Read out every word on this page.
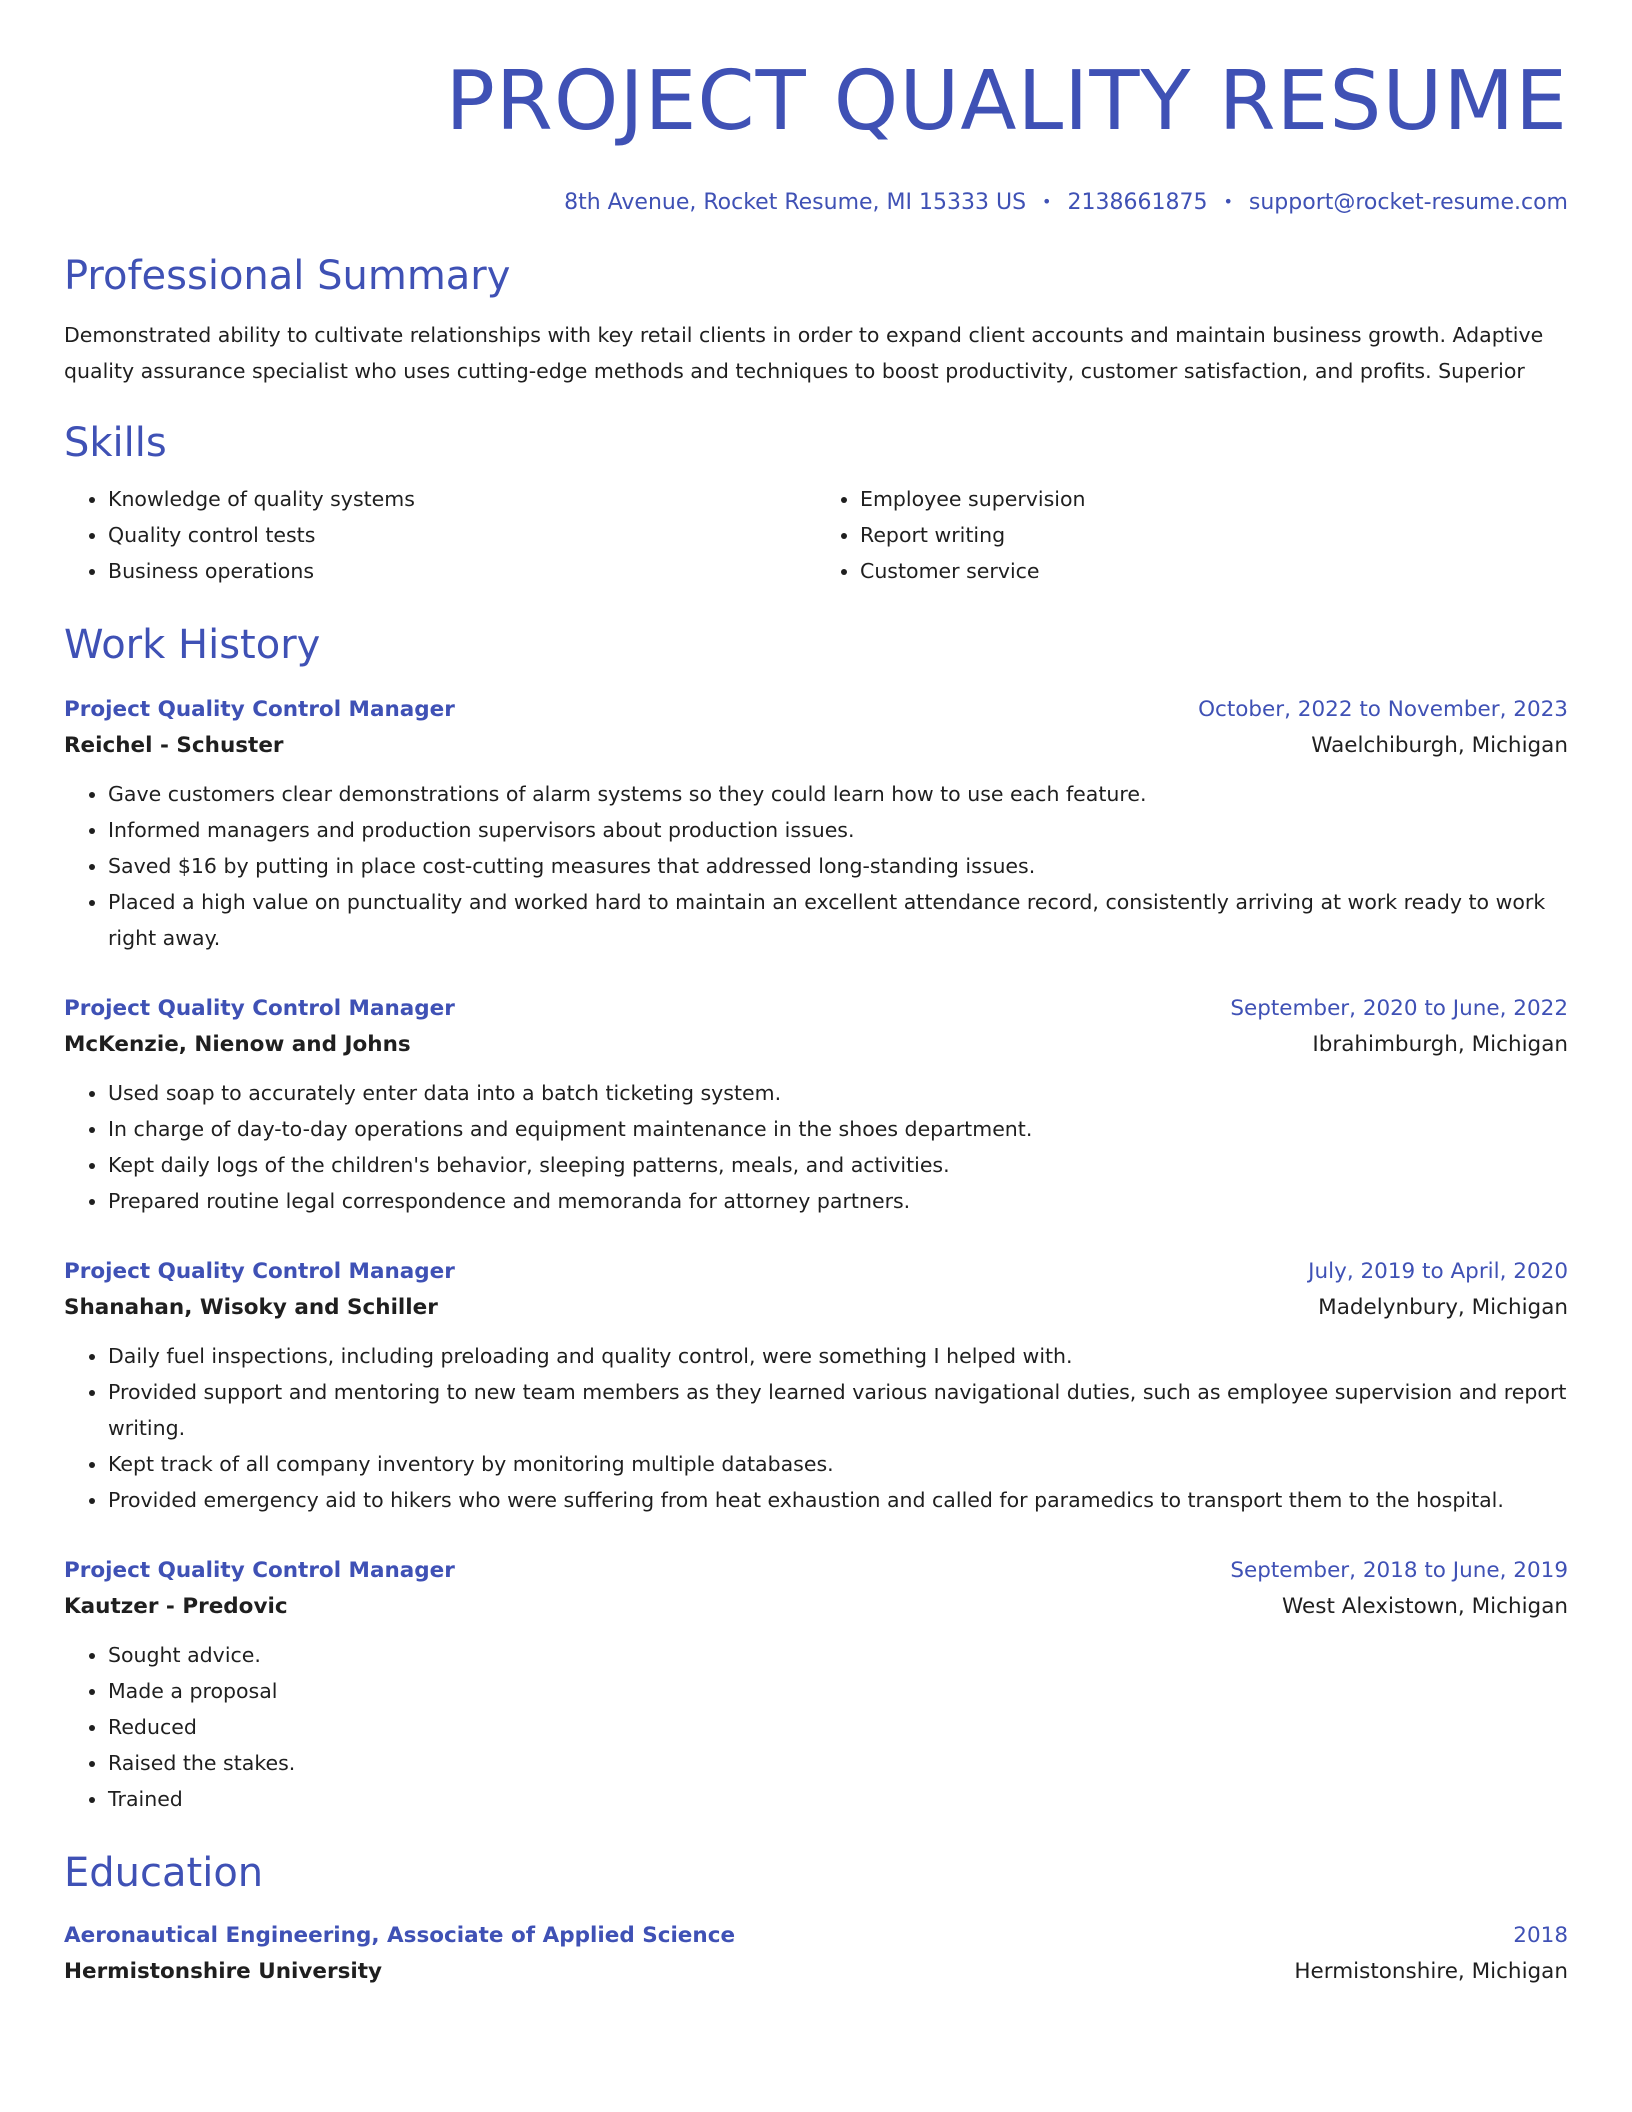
PROJECT QUALITY RESUME
8th Avenue, Rocket Resume, MI 15333 US • 2138661875 • support@rocket-resume.com
Professional Summary
Demonstrated ability to cultivate relationships with key retail clients in order to expand client accounts and maintain business growth. Adaptive quality assurance specialist who uses cutting-edge methods and techniques to boost productivity, customer satisfaction, and profits. Superior
Skills
• Knowledge of quality systems
• Quality control tests
• Business operations
• Employee supervision
• Report writing
• Customer service
Work History
Project Quality Control Manager	October, 2022 to November, 2023
Reichel - Schuster	Waelchiburgh, Michigan
• Gave customers clear demonstrations of alarm systems so they could learn how to use each feature.
• Informed managers and production supervisors about production issues.
• Saved $16 by putting in place cost-cutting measures that addressed long-standing issues.
• Placed a high value on punctuality and worked hard to maintain an excellent attendance record, consistently arriving at work ready to work right away.
Project Quality Control Manager	September, 2020 to June, 2022
McKenzie, Nienow and Johns	Ibrahimburgh, Michigan
• Used soap to accurately enter data into a batch ticketing system.
• In charge of day-to-day operations and equipment maintenance in the shoes department.
• Kept daily logs of the children's behavior, sleeping patterns, meals, and activities.
• Prepared routine legal correspondence and memoranda for attorney partners.
Project Quality Control Manager	July, 2019 to April, 2020
Shanahan, Wisoky and Schiller	Madelynbury, Michigan
• Daily fuel inspections, including preloading and quality control, were something I helped with.
• Provided support and mentoring to new team members as they learned various navigational duties, such as employee supervision and report writing.
• Kept track of all company inventory by monitoring multiple databases.
• Provided emergency aid to hikers who were suffering from heat exhaustion and called for paramedics to transport them to the hospital.
Project Quality Control Manager	September, 2018 to June, 2019
Kautzer - Predovic	West Alexistown, Michigan
• Sought advice.
• Made a proposal
• Reduced
• Raised the stakes.
• Trained
Education
Aeronautical Engineering, Associate of Applied Science	2018
Hermistonshire University	Hermistonshire, Michigan
